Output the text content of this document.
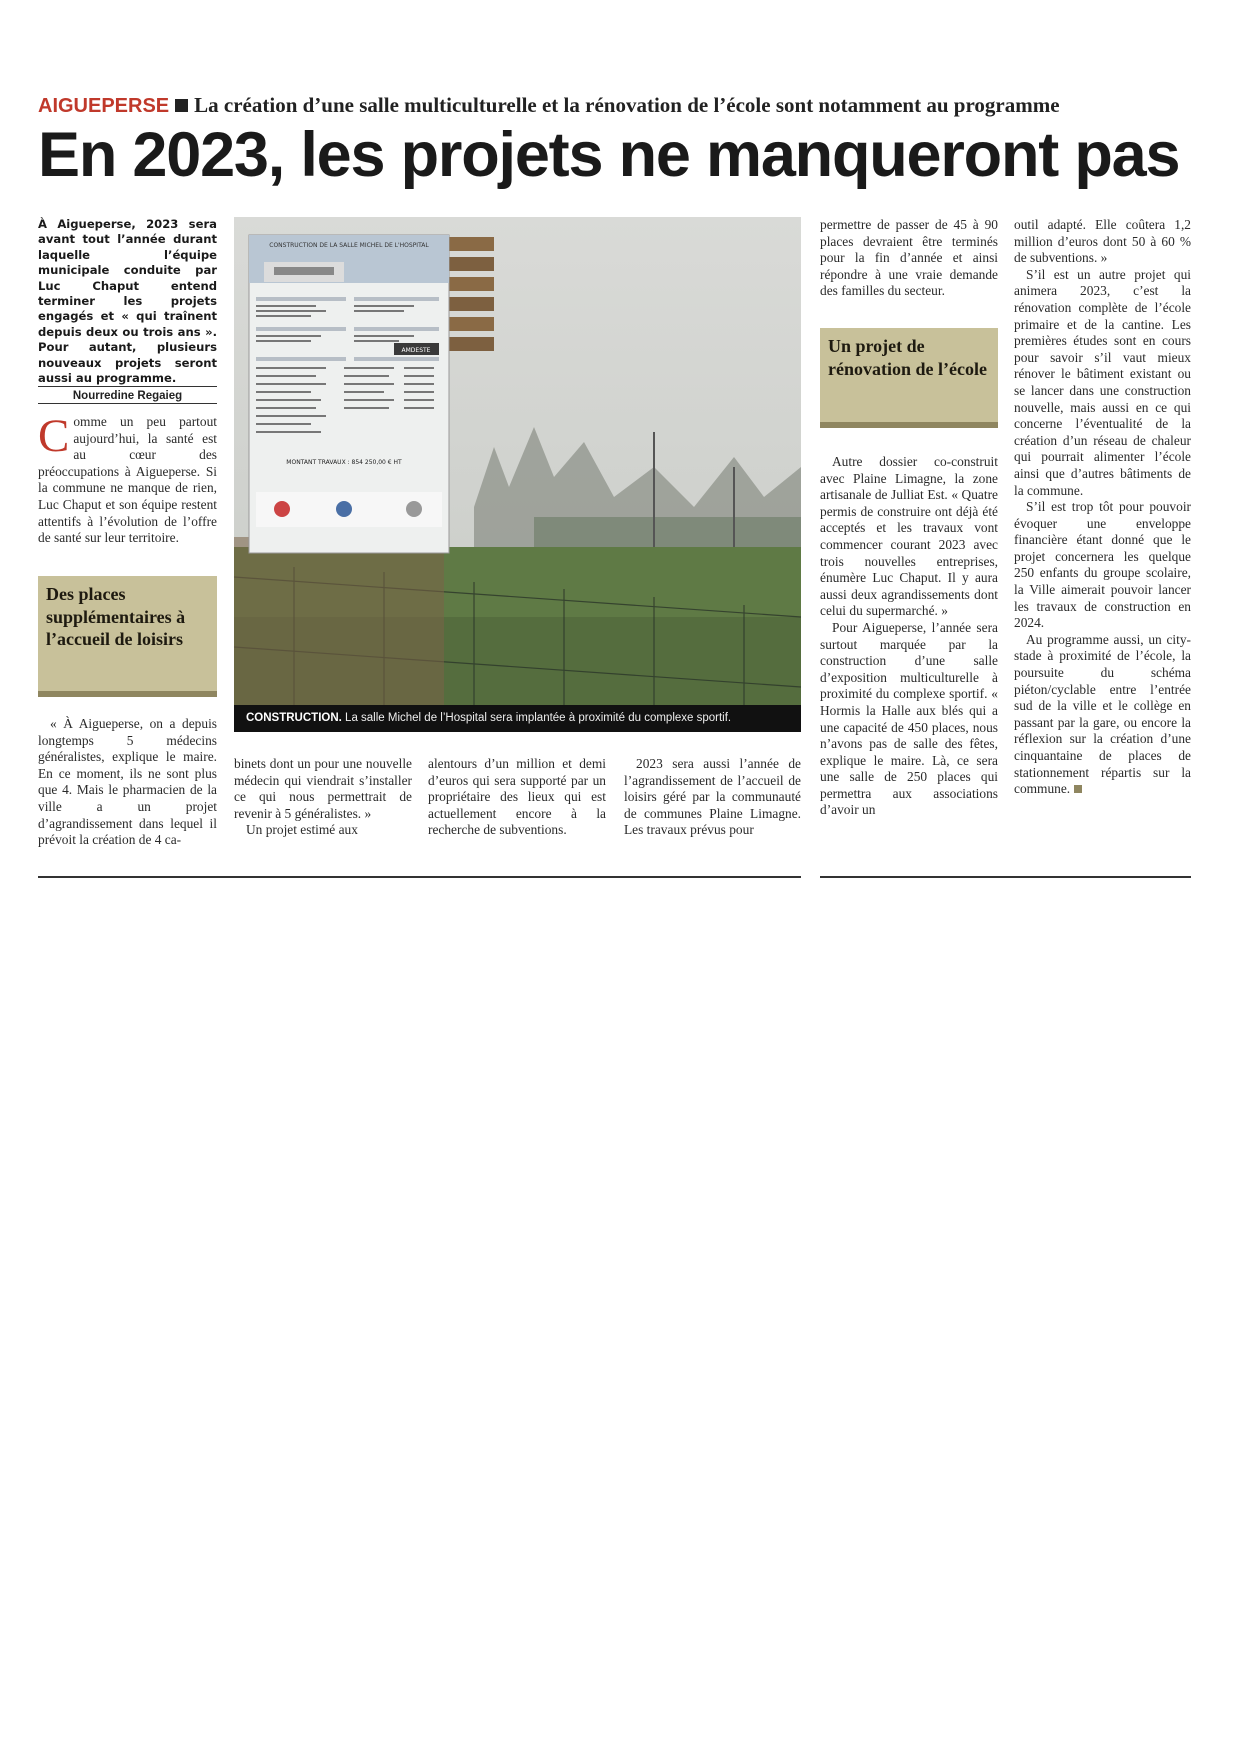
AIGUEPERSE La création d’une salle multiculturelle et la rénovation de l’école sont notamment au programme
En 2023, les projets ne manqueront pas
À Aigueperse, 2023 sera avant tout l’année durant laquelle l’équipe municipale conduite par Luc Chaput entend terminer les projets engagés et « qui traînent depuis deux ou trois ans ». Pour autant, plusieurs nouveaux projets seront aussi au programme.
Nourredine Regaieg

Comme un peu partout aujourd’hui, la santé est au cœur des préoccupations à Aigueperse. Si la commune ne manque de rien, Luc Chaput et son équipe restent attentifs à l’évolution de l’offre de santé sur leur territoire.

Des places supplémentaires à l’accueil de loisirs
« À Aigueperse, on a depuis longtemps 5 médecins généralistes, explique le maire. En ce moment, ils ne sont plus que 4. Mais le pharmacien de la ville a un projet d’agrandissement dans lequel il prévoit la création de 4 ca-
AMDESTE
CONSTRUCTION DE LA SALLE MICHEL DE L'HOSPITAL
MONTANT TRAVAUX : 854 250,00 € HT
CONSTRUCTION. La salle Michel de l’Hospital sera implantée à proximité du complexe sportif.

binets dont un pour une nouvelle médecin qui viendrait s’installer ce qui nous permettrait de revenir à 5 généralistes. »

Un projet estimé aux

alentours d’un million et demi d’euros qui sera supporté par un propriétaire des lieux qui est actuellement encore à la recherche de subventions.
2023 sera aussi l’année de l’agrandissement de l’accueil de loisirs géré par la communauté de communes Plaine Limagne. Les travaux prévus pour
permettre de passer de 45 à 90 places devraient être terminés pour la fin d’année et ainsi répondre à une vraie demande des familles du secteur.
Un projet de rénovation de l’école

Autre dossier co-construit avec Plaine Limagne, la zone artisanale de Julliat Est. « Quatre permis de construire ont déjà été acceptés et les travaux vont commencer courant 2023 avec trois nouvelles entreprises, énumère Luc Chaput. Il y aura aussi deux agrandissements dont celui du supermarché. »

Pour Aigueperse, l’année sera surtout marquée par la construction d’une salle d’exposition multiculturelle à proximité du complexe sportif. « Hormis la Halle aux blés qui a une capacité de 450 places, nous n’avons pas de salle des fêtes, explique le maire. Là, ce sera une salle de 250 places qui permettra aux associations d’avoir un

outil adapté. Elle coûtera 1,2 million d’euros dont 50 à 60 % de subventions. »

S’il est un autre projet qui animera 2023, c’est la rénovation complète de l’école primaire et de la cantine. Les premières études sont en cours pour savoir s’il vaut mieux rénover le bâtiment existant ou se lancer dans une construction nouvelle, mais aussi en ce qui concerne l’éventualité de la création d’un réseau de chaleur qui pourrait alimenter l’école ainsi que d’autres bâtiments de la commune.

S’il est trop tôt pour pouvoir évoquer une enveloppe financière étant donné que le projet concernera les quelque 250 enfants du groupe scolaire, la Ville aimerait pouvoir lancer les travaux de construction en 2024.

Au programme aussi, un city-stade à proximité de l’école, la poursuite du schéma piéton/cyclable entre l’entrée sud de la ville et le collège en passant par la gare, ou encore la réflexion sur la création d’une cinquantaine de places de stationnement répartis sur la commune.
